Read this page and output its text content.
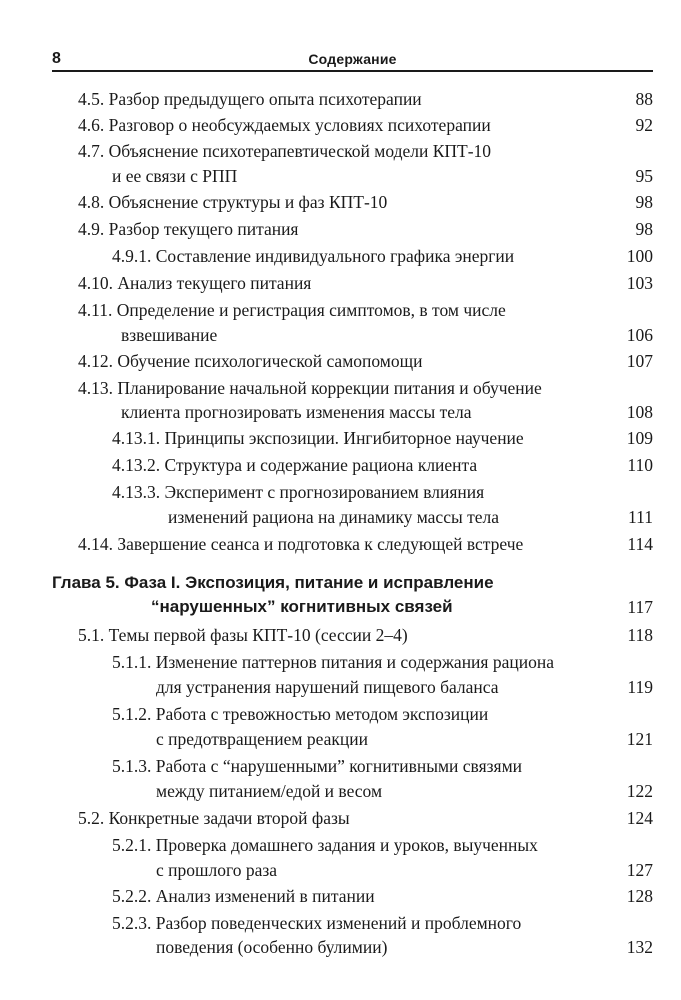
8	Содержание
4.5. Разбор предыдущего опыта психотерапии	88
4.6. Разговор о необсуждаемых условиях психотерапии	92
4.7. Объяснение психотерапевтической модели КПТ-10
и ее связи с РПП	95
4.8. Объяснение структуры и фаз КПТ-10	98
4.9. Разбор текущего питания	98
4.9.1. Составление индивидуального графика энергии	100
4.10. Анализ текущего питания	103
4.11. Определение и регистрация симптомов, в том числе
взвешивание	106
4.12. Обучение психологической самопомощи	107
4.13. Планирование начальной коррекции питания и обучение
клиента прогнозировать изменения массы тела	108
4.13.1. Принципы экспозиции. Ингибиторное научение	109
4.13.2. Структура и содержание рациона клиента	110
4.13.3. Эксперимент с прогнозированием влияния
изменений рациона на динамику массы тела	111
4.14. Завершение сеанса и подготовка к следующей встрече	114
Глава 5. Фаза I. Экспозиция, питание и исправление
“нарушенных” когнитивных связей	117
5.1. Темы первой фазы КПТ-10 (сессии 2–4)	118
5.1.1. Изменение паттернов питания и содержания рациона
для устранения нарушений пищевого баланса	119
5.1.2. Работа с тревожностью методом экспозиции
с предотвращением реакции	121
5.1.3. Работа с “нарушенными” когнитивными связями
между питанием/едой и весом	122
5.2. Конкретные задачи второй фазы	124
5.2.1. Проверка домашнего задания и уроков, выученных
с прошлого раза	127
5.2.2. Анализ изменений в питании	128
5.2.3. Разбор поведенческих изменений и проблемного
поведения (особенно булимии)	132
